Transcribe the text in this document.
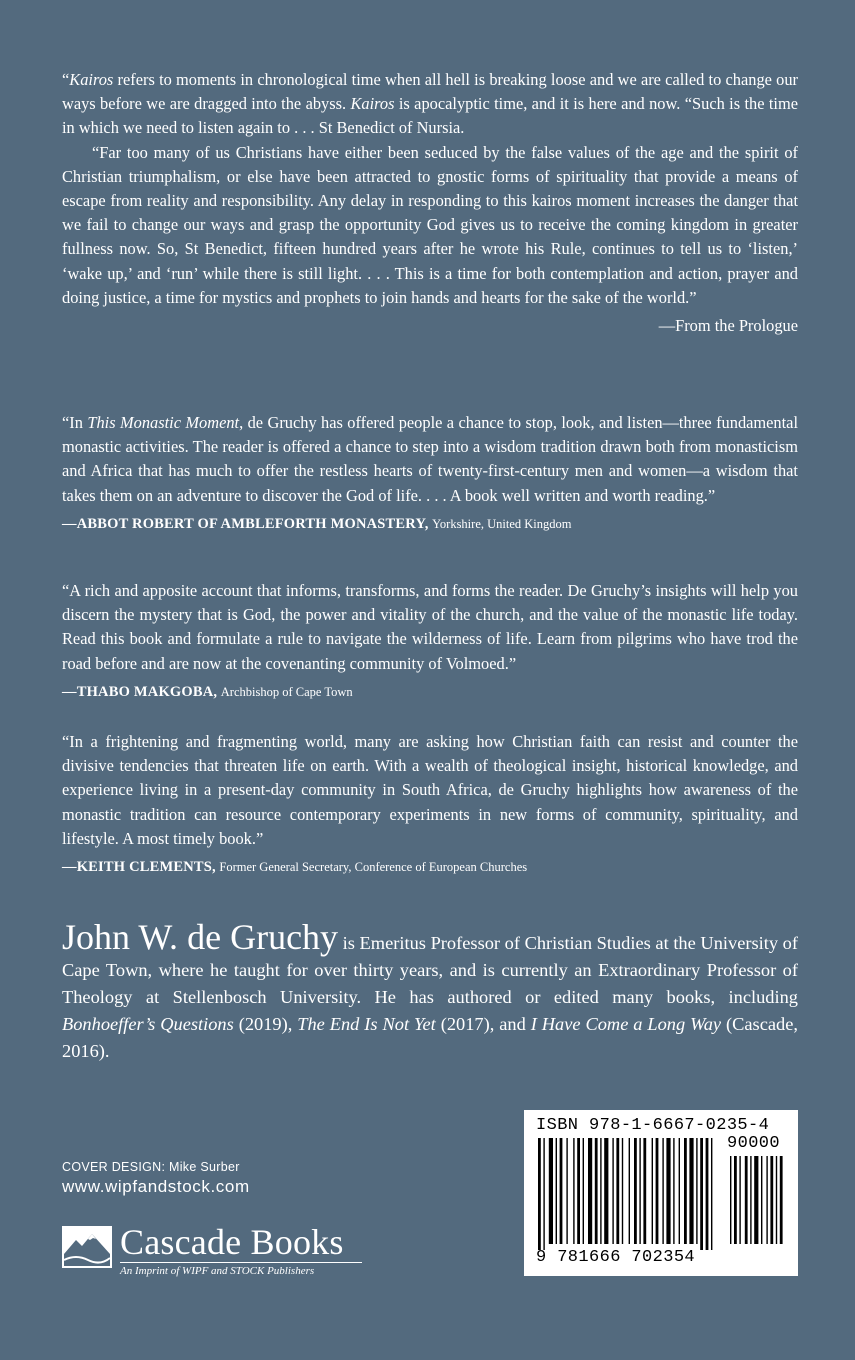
“Kairos refers to moments in chronological time when all hell is breaking loose and we are called to change our ways before we are dragged into the abyss. Kairos is apocalyptic time, and it is here and now. “Such is the time in which we need to listen again to . . . St Benedict of Nursia.

“Far too many of us Christians have either been seduced by the false values of the age and the spirit of Christian triumphalism, or else have been attracted to gnostic forms of spirituality that provide a means of escape from reality and responsibility. Any delay in responding to this kairos moment increases the danger that we fail to change our ways and grasp the opportunity God gives us to receive the coming kingdom in greater fullness now. So, St Benedict, fifteen hundred years after he wrote his Rule, continues to tell us to ‘listen,’ ‘wake up,’ and ‘run’ while there is still light. . . . This is a time for both contemplation and action, prayer and doing justice, a time for mystics and prophets to join hands and hearts for the sake of the world.”

—From the Prologue

“In This Monastic Moment, de Gruchy has offered people a chance to stop, look, and listen—three fundamental monastic activities. The reader is offered a chance to step into a wisdom tradition drawn both from monasticism and Africa that has much to offer the restless hearts of twenty-first-century men and women—a wisdom that takes them on an adventure to discover the God of life. . . . A book well written and worth reading.”

—ABBOT ROBERT OF AMBLEFORTH MONASTERY, Yorkshire, United Kingdom

“A rich and apposite account that informs, transforms, and forms the reader. De Gruchy’s insights will help you discern the mystery that is God, the power and vitality of the church, and the value of the monastic life today. Read this book and formulate a rule to navigate the wilderness of life. Learn from pilgrims who have trod the road before and are now at the covenanting community of Volmoed.”

—THABO MAKGOBA, Archbishop of Cape Town

“In a frightening and fragmenting world, many are asking how Christian faith can resist and counter the divisive tendencies that threaten life on earth. With a wealth of theological insight, historical knowledge, and experience living in a present-day community in South Africa, de Gruchy highlights how awareness of the monastic tradition can resource contemporary experiments in new forms of community, spirituality, and lifestyle. A most timely book.”

—KEITH CLEMENTS, Former General Secretary, Conference of European Churches

John W. de Gruchy is Emeritus Professor of Christian Studies at the University of Cape Town, where he taught for over thirty years, and is currently an Extraordinary Professor of Theology at Stellenbosch University. He has authored or edited many books, including Bonhoeffer’s Questions (2019), The End Is Not Yet (2017), and I Have Come a Long Way (Cascade, 2016).

COVER DESIGN: Mike Surber
www.wipfandstock.com
Cascade Books
An Imprint of WIPF and STOCK Publishers
ISBN 978-1-6667-0235-4
90000
9 781666 702354
